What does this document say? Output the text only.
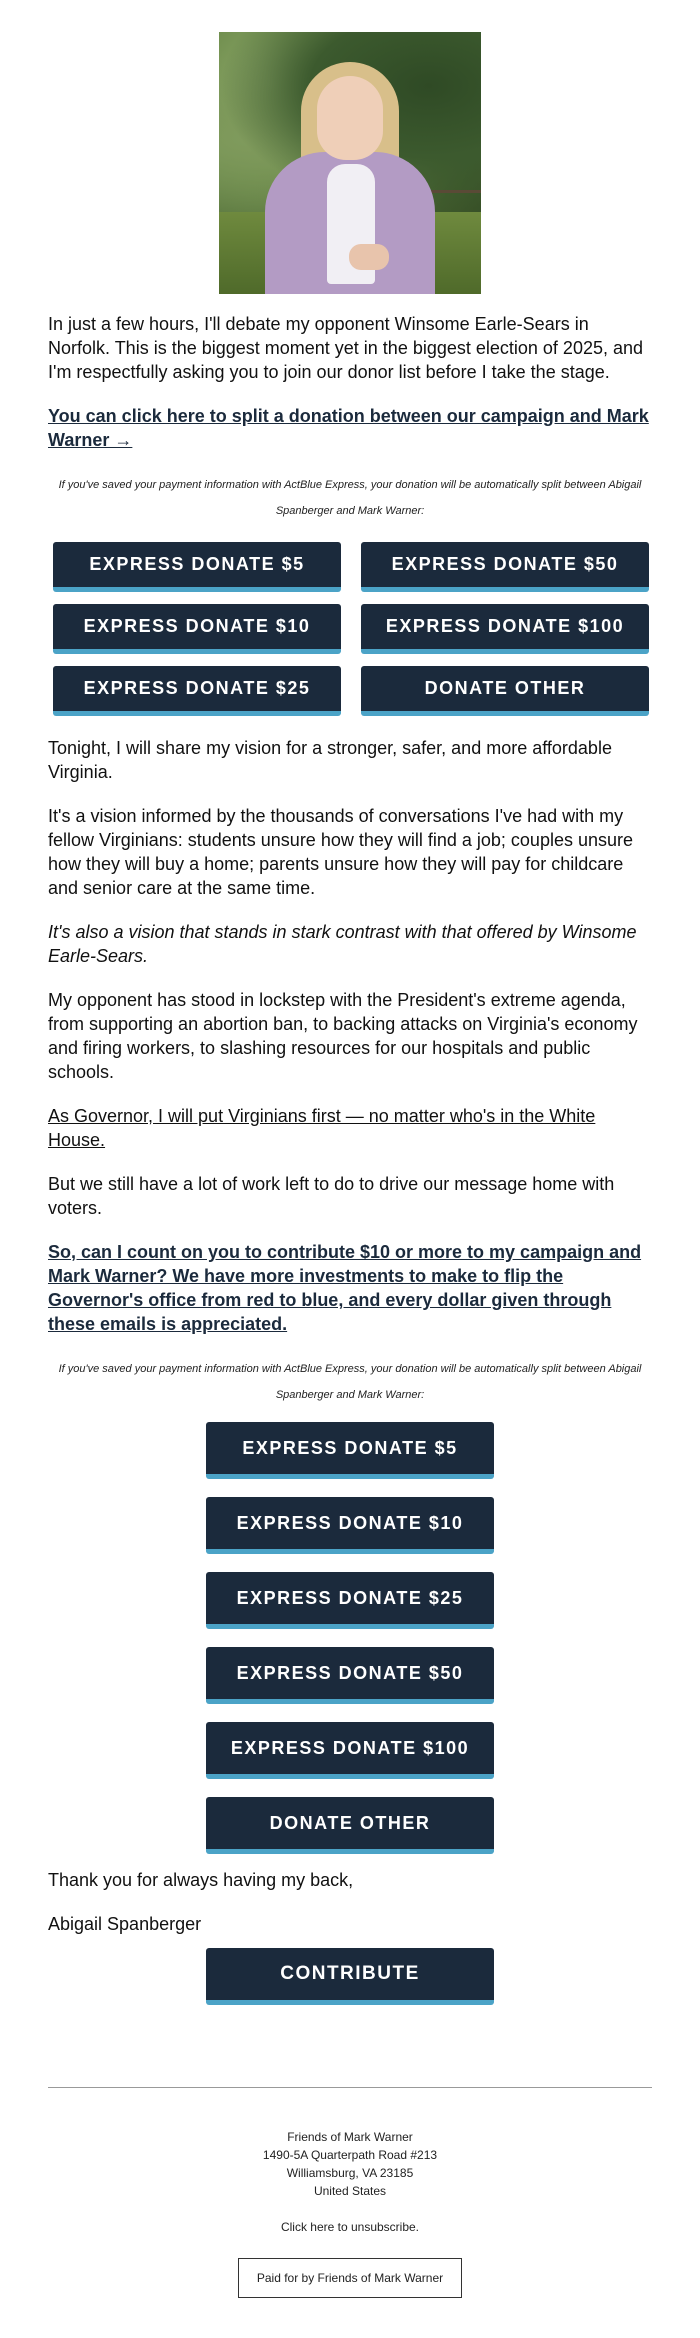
In just a few hours, I'll debate my opponent Winsome Earle-Sears in Norfolk. This is the biggest moment yet in the biggest election of 2025, and I'm respectfully asking you to join our donor list before I take the stage.

You can click here to split a donation between our campaign and Mark Warner →

If you've saved your payment information with ActBlue Express, your donation will be automatically split between Abigail Spanberger and Mark Warner:

EXPRESS DONATE $5	EXPRESS DONATE $50
EXPRESS DONATE $10	EXPRESS DONATE $100
EXPRESS DONATE $25	DONATE OTHER

Tonight, I will share my vision for a stronger, safer, and more affordable Virginia.

It's a vision informed by the thousands of conversations I've had with my fellow Virginians: students unsure how they will find a job; couples unsure how they will buy a home; parents unsure how they will pay for childcare and senior care at the same time.

It's also a vision that stands in stark contrast with that offered by Winsome Earle-Sears.

My opponent has stood in lockstep with the President's extreme agenda, from supporting an abortion ban, to backing attacks on Virginia's economy and firing workers, to slashing resources for our hospitals and public schools.

As Governor, I will put Virginians first — no matter who's in the White House.

But we still have a lot of work left to do to drive our message home with voters.

So, can I count on you to contribute $10 or more to my campaign and Mark Warner? We have more investments to make to flip the Governor's office from red to blue, and every dollar given through these emails is appreciated.

If you've saved your payment information with ActBlue Express, your donation will be automatically split between Abigail Spanberger and Mark Warner:

EXPRESS DONATE $5
EXPRESS DONATE $10
EXPRESS DONATE $25
EXPRESS DONATE $50
EXPRESS DONATE $100
DONATE OTHER

Thank you for always having my back,

Abigail Spanberger

CONTRIBUTE
Friends of Mark Warner
1490-5A Quarterpath Road #213
Williamsburg, VA 23185
United States
Click here to unsubscribe.
Paid for by Friends of Mark Warner
